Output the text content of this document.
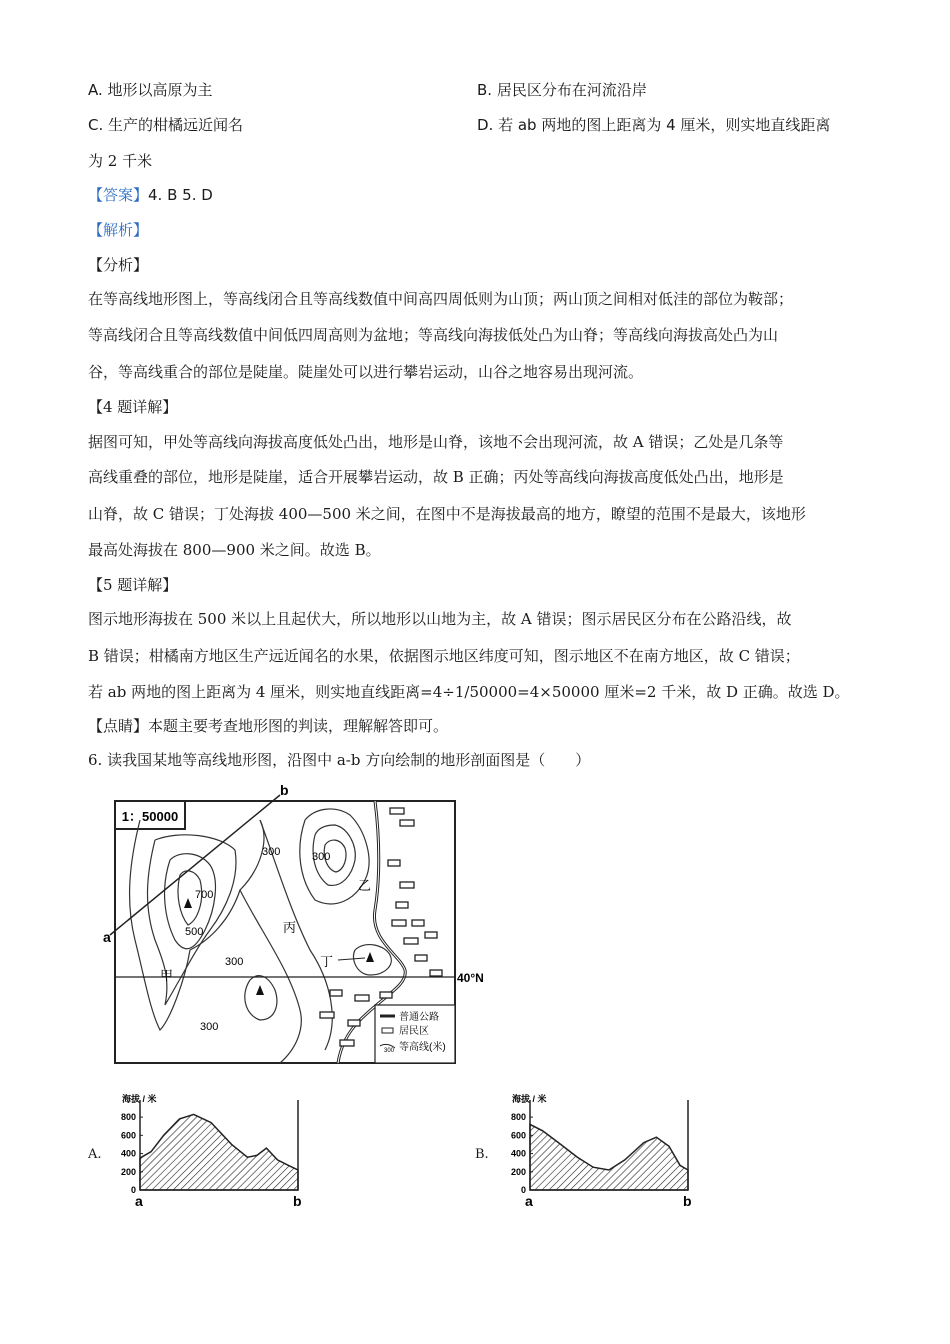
A. 地形以高原为主	B. 居民区分布在河流沿岸
C. 生产的柑橘远近闻名	D. 若 ab 两地的图上距离为 4 厘米，则实地直线距离
为 2 千米
【答案】4. B 5. D
【解析】
【分析】
在等高线地形图上，等高线闭合且等高线数值中间高四周低则为山顶；两山顶之间相对低洼的部位为鞍部；
等高线闭合且等高线数值中间低四周高则为盆地；等高线向海拔低处凸为山脊；等高线向海拔高处凸为山
谷，等高线重合的部位是陡崖。陡崖处可以进行攀岩运动，山谷之地容易出现河流。
【4 题详解】
据图可知，甲处等高线向海拔高度低处凸出，地形是山脊，该地不会出现河流，故 A 错误；乙处是几条等
高线重叠的部位，地形是陡崖，适合开展攀岩运动，故 B 正确；丙处等高线向海拔高度低处凸出，地形是
山脊，故 C 错误；丁处海拔 400—500 米之间，在图中不是海拔最高的地方，瞭望的范围不是最大，该地形
最高处海拔在 800—900 米之间。故选 B。
【5 题详解】
图示地形海拔在 500 米以上且起伏大，所以地形以山地为主，故 A 错误；图示居民区分布在公路沿线，故
B 错误；柑橘南方地区生产远近闻名的水果，依据图示地区纬度可知，图示地区不在南方地区，故 C 错误；
若 ab 两地的图上距离为 4 厘米，则实地直线距离=4÷1/50000=4×50000 厘米=2 千米，故 D 正确。故选 D。
【点睛】本题主要考查地形图的判读，理解解答即可。
6. 读我国某地等高线地形图，沿图中 a-b 方向绘制的地形剖面图是（　　）
1：50000
a
b
300	300
700
500
300
300
甲
乙
丙
丁
40°N
普通公路
居民区
300 等高线(米)
A.
海拔 / 米
800
600
400
200
0
a	b
B.
海拔 / 米
800
600
400
200
0
a	b
